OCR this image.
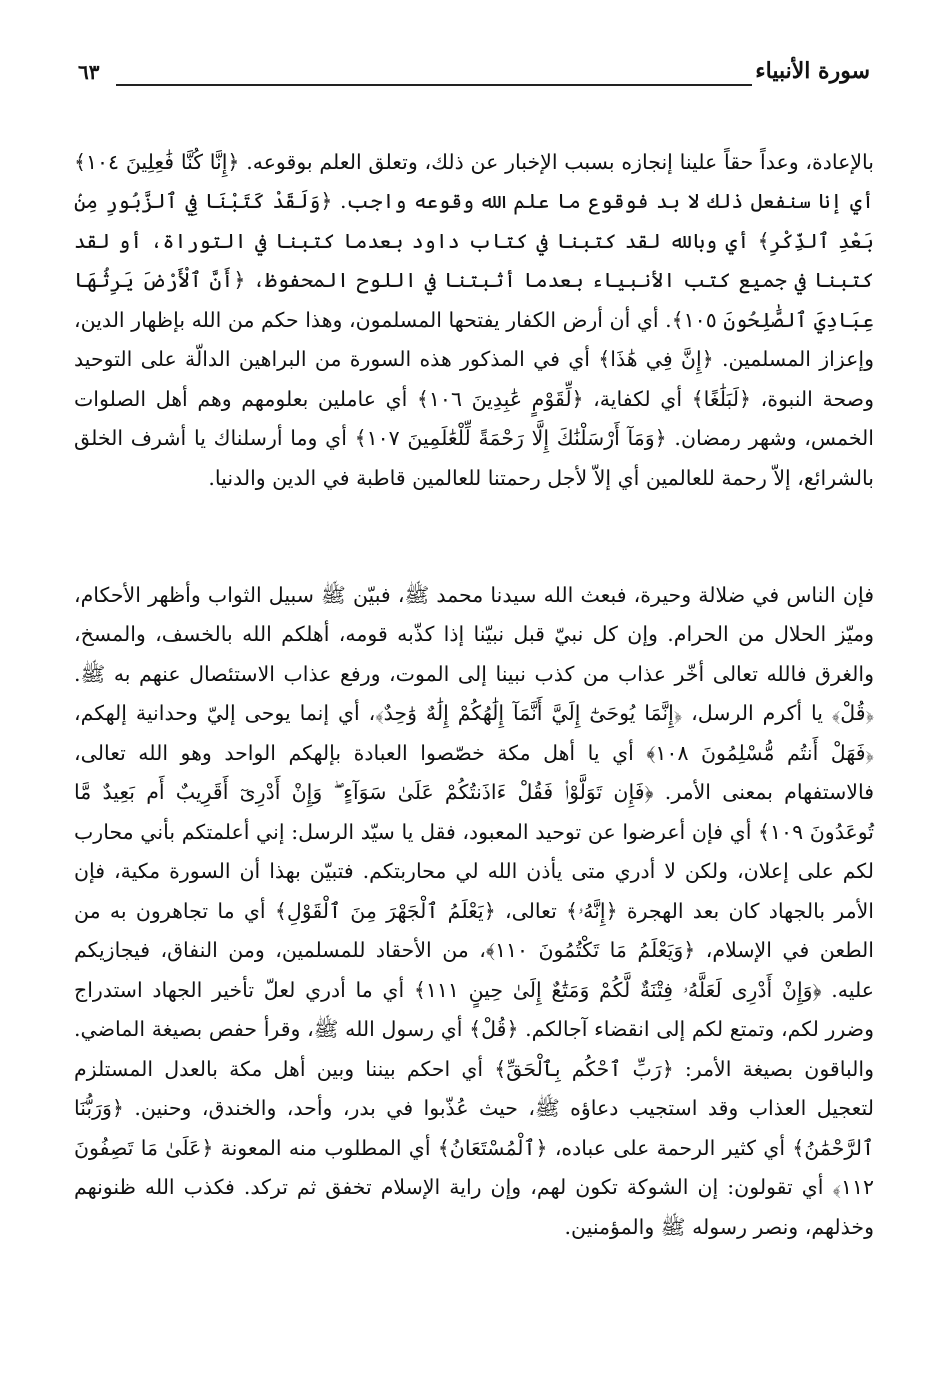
سورة الأنبياء
٦٣

بالإعادة، وعداً حقاً علينا إنجازه بسبب الإخبار عن ذلك، وتعلق العلم بوقوعه. ﴿إِنَّا كُنَّا فَٰعِلِينَ ١٠٤﴾ أي إنا سنفعل ذلك لا بد فوقوع ما علم الله وقوعه واجب. ﴿وَلَقَدْ كَتَبْنَا فِي ٱلزَّبُورِ مِنۢ بَعْدِ ٱلذِّكْرِ﴾ أي وبالله لقد كتبنا في كتاب داود بعدما كتبنا في التوراة، أو لقد كتبنا في جميع كتب الأنبياء بعدما أثبتنا في اللوح المحفوظ، ﴿أَنَّ ٱلْأَرْضَ يَرِثُهَا عِبَادِيَ ٱلصَّٰلِحُونَ ١٠٥﴾. أي أن أرض الكفار يفتحها المسلمون، وهذا حكم من الله بإظهار الدين، وإعزاز المسلمين. ﴿إِنَّ فِي هَٰذَا﴾ أي في المذكور هذه السورة من البراهين الدالّة على التوحيد وصحة النبوة، ﴿لَبَلَٰغًا﴾ أي لكفاية، ﴿لِّقَوْمٍ عَٰبِدِينَ ١٠٦﴾ أي عاملين بعلومهم وهم أهل الصلوات الخمس، وشهر رمضان. ﴿وَمَآ أَرْسَلْنَٰكَ إِلَّا رَحْمَةً لِّلْعَٰلَمِينَ ١٠٧﴾ أي وما أرسلناك يا أشرف الخلق بالشرائع، إلاّ رحمة للعالمين أي إلاّ لأجل رحمتنا للعالمين قاطبة في الدين والدنيا.

فإن الناس في ضلالة وحيرة، فبعث الله سيدنا محمد ﷺ، فبيّن ﷺ سبيل الثواب وأظهر الأحكام، وميّز الحلال من الحرام. وإن كل نبيّ قبل نبيّنا إذا كذّبه قومه، أهلكم الله بالخسف، والمسخ، والغرق فالله تعالى أخّر عذاب من كذب نبينا إلى الموت، ورفع عذاب الاستئصال عنهم به ﷺ. ﴿قُلْ﴾ يا أكرم الرسل، ﴿إِنَّمَا يُوحَىٰٓ إِلَيَّ أَنَّمَآ إِلَٰهُكُمْ إِلَٰهٌ وَٰحِدٌ﴾، أي إنما يوحى إليّ وحدانية إلهكم، ﴿فَهَلْ أَنتُم مُّسْلِمُونَ ١٠٨﴾ أي يا أهل مكة خصّصوا العبادة بإلهكم الواحد وهو الله تعالى، فالاستفهام بمعنى الأمر. ﴿فَإِن تَوَلَّوْا۟ فَقُلْ ءَاذَنتُكُمْ عَلَىٰ سَوَآءٍ ۖ وَإِنْ أَدْرِىٓ أَقَرِيبٌ أَم بَعِيدٌ مَّا تُوعَدُونَ ١٠٩﴾ أي فإن أعرضوا عن توحيد المعبود، فقل يا سيّد الرسل: إني أعلمتكم بأني محارب لكم على إعلان، ولكن لا أدري متى يأذن الله لي محاربتكم. فتبيّن بهذا أن السورة مكية، فإن الأمر بالجهاد كان بعد الهجرة ﴿إِنَّهُۥ﴾ تعالى، ﴿يَعْلَمُ ٱلْجَهْرَ مِنَ ٱلْقَوْلِ﴾ أي ما تجاهرون به من الطعن في الإسلام، ﴿وَيَعْلَمُ مَا تَكْتُمُونَ ١١٠﴾، من الأحقاد للمسلمين، ومن النفاق، فيجازيكم عليه. ﴿وَإِنْ أَدْرِى لَعَلَّهُۥ فِتْنَةٌ لَّكُمْ وَمَتَٰعٌ إِلَىٰ حِينٍ ١١١﴾ أي ما أدري لعلّ تأخير الجهاد استدراج وضرر لكم، وتمتع لكم إلى انقضاء آجالكم. ﴿قُلْ﴾ أي رسول الله ﷺ، وقرأ حفص بصيغة الماضي. والباقون بصيغة الأمر: ﴿رَبِّ ٱحْكُم بِٱلْحَقِّ﴾ أي احكم بيننا وبين أهل مكة بالعدل المستلزم لتعجيل العذاب وقد استجيب دعاؤه ﷺ، حيث عُذّبوا في بدر، وأحد، والخندق، وحنين. ﴿وَرَبُّنَا ٱلرَّحْمَٰنُ﴾ أي كثير الرحمة على عباده، ﴿ٱلْمُسْتَعَانُ﴾ أي المطلوب منه المعونة ﴿عَلَىٰ مَا تَصِفُونَ ١١٢﴾ أي تقولون: إن الشوكة تكون لهم، وإن راية الإسلام تخفق ثم تركد. فكذب الله ظنونهم وخذلهم، ونصر رسوله ﷺ والمؤمنين.
